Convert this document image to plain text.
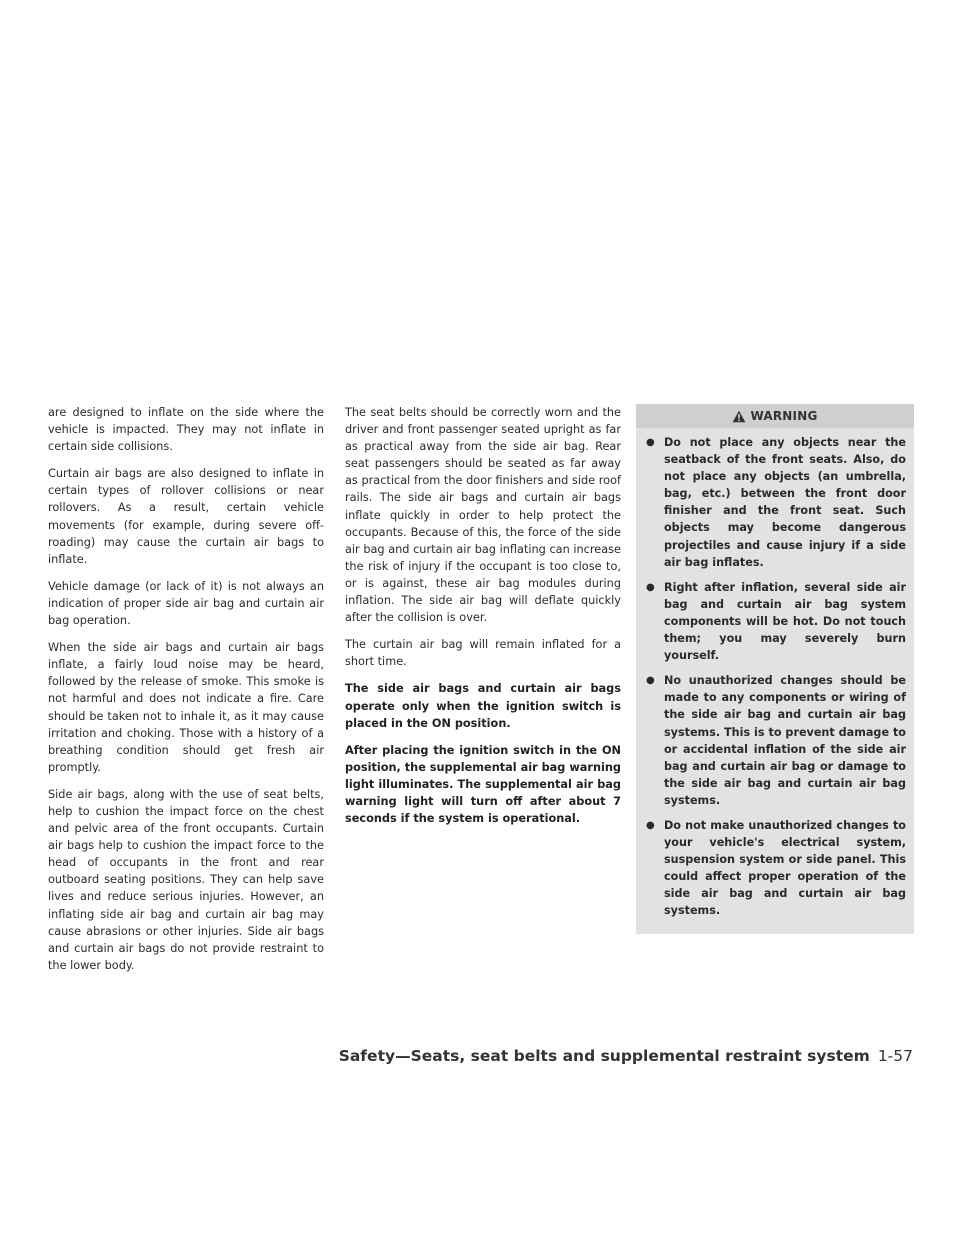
are designed to inflate on the side where the vehicle is impacted. They may not inflate in certain side collisions.

Curtain air bags are also designed to inflate in certain types of rollover collisions or near rollovers. As a result, certain vehicle movements (for example, during severe off-roading) may cause the curtain air bags to inflate.

Vehicle damage (or lack of it) is not always an indication of proper side air bag and curtain air bag operation.

When the side air bags and curtain air bags inflate, a fairly loud noise may be heard, followed by the release of smoke. This smoke is not harmful and does not indicate a fire. Care should be taken not to inhale it, as it may cause irritation and choking. Those with a history of a breathing condition should get fresh air promptly.

Side air bags, along with the use of seat belts, help to cushion the impact force on the chest and pelvic area of the front occupants. Curtain air bags help to cushion the impact force to the head of occupants in the front and rear outboard seating positions. They can help save lives and reduce serious injuries. However, an inflating side air bag and curtain air bag may cause abrasions or other injuries. Side air bags and curtain air bags do not provide restraint to the lower body.

The seat belts should be correctly worn and the driver and front passenger seated upright as far as practical away from the side air bag. Rear seat passengers should be seated as far away as practical from the door finishers and side roof rails. The side air bags and curtain air bags inflate quickly in order to help protect the occupants. Because of this, the force of the side air bag and curtain air bag inflating can increase the risk of injury if the occupant is too close to, or is against, these air bag modules during inflation. The side air bag will deflate quickly after the collision is over.

The curtain air bag will remain inflated for a short time.

The side air bags and curtain air bags operate only when the ignition switch is placed in the ON position.

After placing the ignition switch in the ON position, the supplemental air bag warning light illuminates. The supplemental air bag warning light will turn off after about 7 seconds if the system is operational.

WARNING
● Do not place any objects near the seatback of the front seats. Also, do not place any objects (an umbrella, bag, etc.) between the front door finisher and the front seat. Such objects may become dangerous projectiles and cause injury if a side air bag inflates.
● Right after inflation, several side air bag and curtain air bag system components will be hot. Do not touch them; you may severely burn yourself.
● No unauthorized changes should be made to any components or wiring of the side air bag and curtain air bag systems. This is to prevent damage to or accidental inflation of the side air bag and curtain air bag or damage to the side air bag and curtain air bag systems.
● Do not make unauthorized changes to your vehicle's electrical system, suspension system or side panel. This could affect proper operation of the side air bag and curtain air bag systems.
Safety—Seats, seat belts and supplemental restraint system 1-57
